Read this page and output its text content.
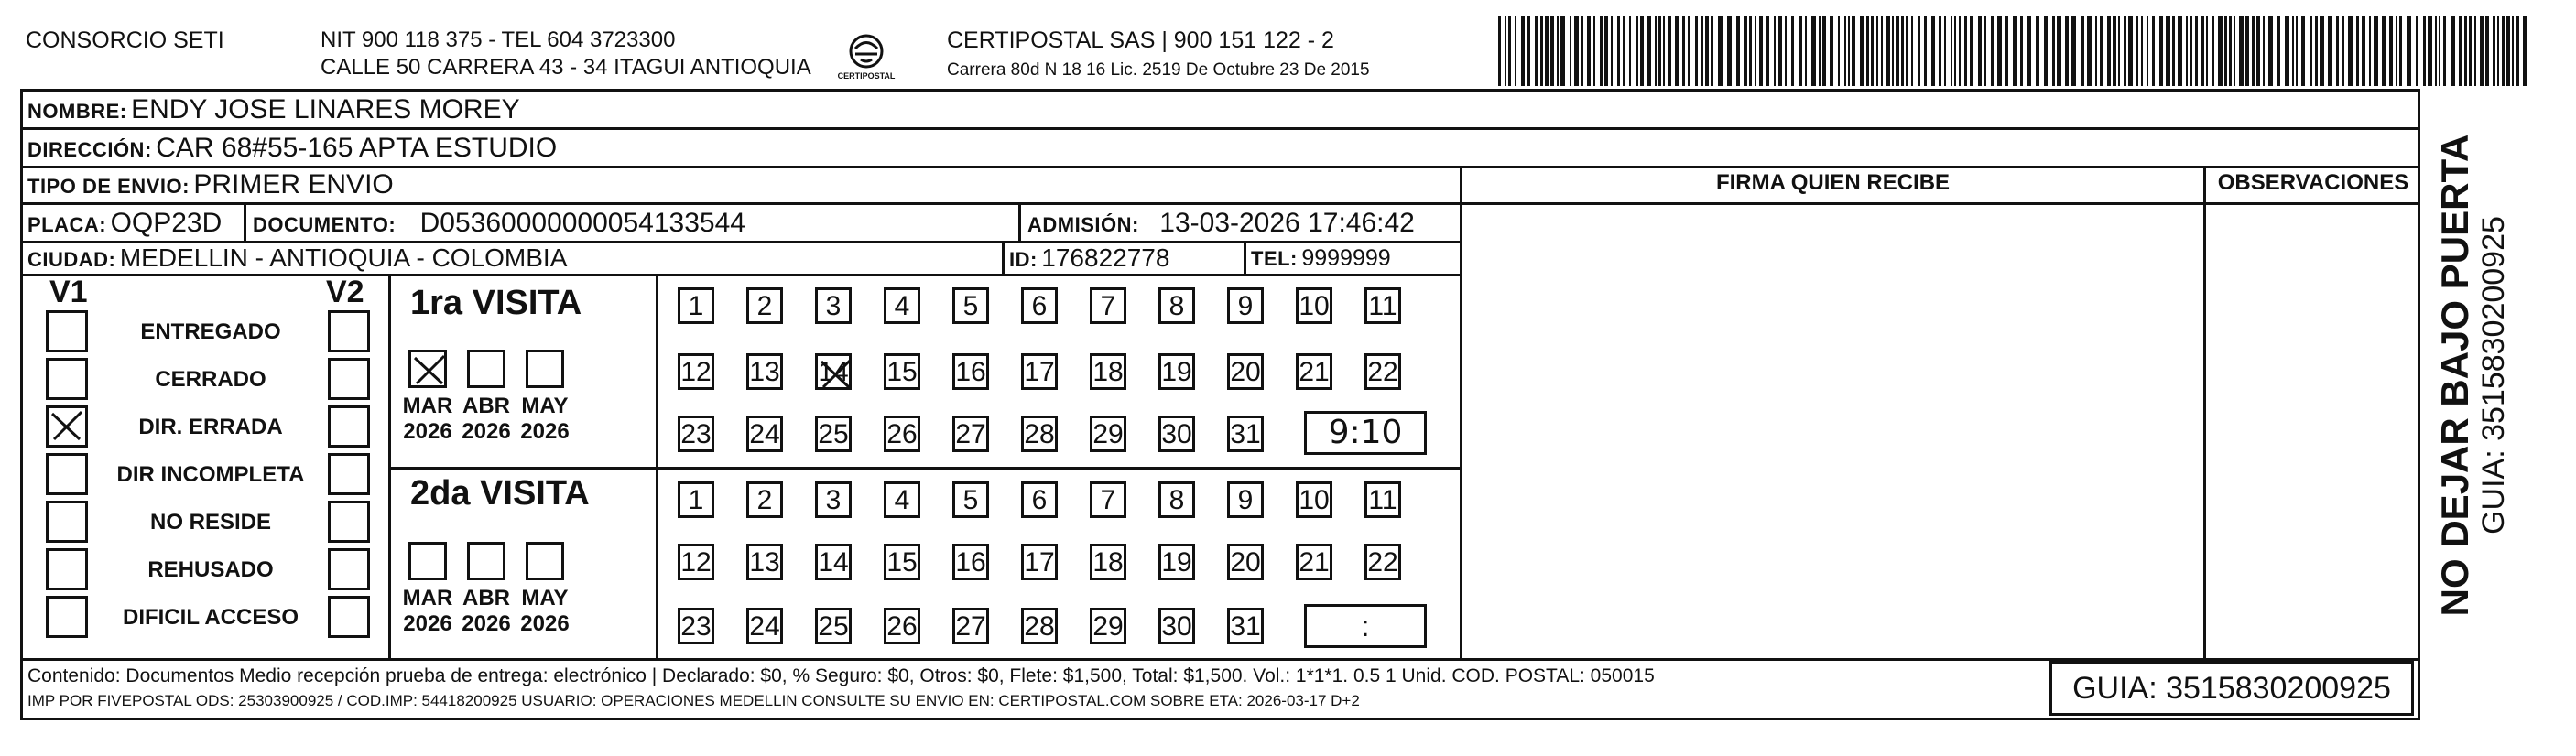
CONSORCIO SETI	NIT 900 118 375 - TEL 604 3723300
CALLE 50 CARRERA 43 - 34 ITAGUI ANTIOQUIA	CERTIPOSTAL
CERTIPOSTAL SAS | 900 151 122 - 2
Carrera 80d N 18 16 Lic. 2519 De Octubre 23 De 2015
NOMBRE: ENDY JOSE LINARES MOREY
DIRECCIÓN: CAR 68#55-165 APTA ESTUDIO
TIPO DE ENVIO: PRIMER ENVIO	FIRMA QUIEN RECIBE	OBSERVACIONES
PLACA: OQP23D DOCUMENTO: D05360000000054133544	ADMISIÓN: 13-03-2026 17:46:42
CIUDAD: MEDELLIN - ANTIOQUIA - COLOMBIA	ID: 176822778	TEL: 9999999
V1	V2
ENTREGADO
CERRADO
DIR. ERRADA
DIR INCOMPLETA
NO RESIDE
REHUSADO
DIFICIL ACCESO
1ra VISITA
MAR
2026
ABR
2026
MAY
2026
1	2	3	4	5	6	7	8	9	10 11
12 13 14 15 16 17 18 19 20 21 22
23 24 25 26 27 28 29 30 31	9:10
2da VISITA
MAR
2026
ABR
2026
MAY
2026
1	2	3	4	5	6	7	8	9	10 11
12 13 14 15 16 17 18 19 20 21 22
23 24 25 26 27 28 29 30 31	:
Contenido: Documentos Medio recepción prueba de entrega: electrónico | Declarado: $0, % Seguro: $0, Otros: $0, Flete: $1,500, Total: $1,500. Vol.: 1*1*1. 0.5 1 Unid. COD. POSTAL: 050015
IMP POR FIVEPOSTAL ODS: 25303900925 / COD.IMP: 54418200925 USUARIO: OPERACIONES MEDELLIN CONSULTE SU ENVIO EN: CERTIPOSTAL.COM SOBRE ETA: 2026-03-17 D+2	GUIA: 3515830200925
NO DEJAR BAJO PUERTA GUIA: 3515830200925
